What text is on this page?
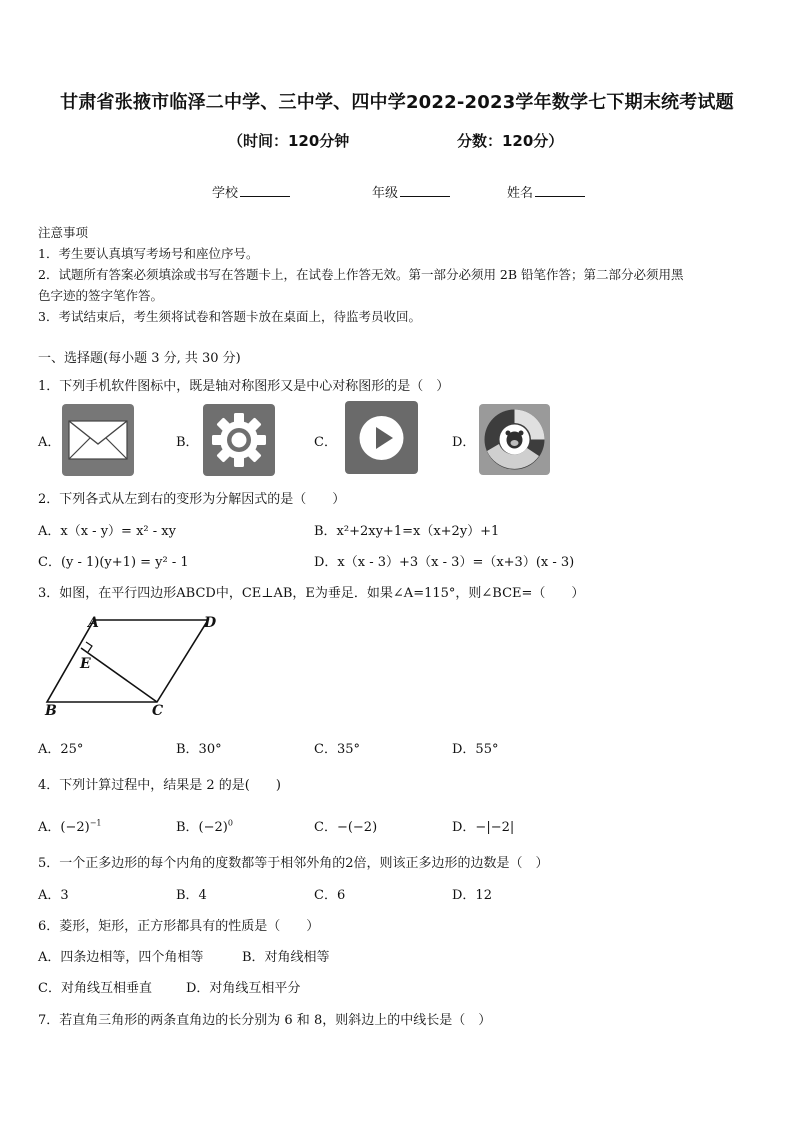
甘肃省张掖市临泽二中学、三中学、四中学2022-2023学年数学七下期末统考试题
（时间：120分钟	分数：120分）
学校	年级	姓名
注意事项
1．考生要认真填写考场号和座位序号。
2．试题所有答案必须填涂或书写在答题卡上，在试卷上作答无效。第一部分必须用 2B 铅笔作答；第二部分必须用黑
色字迹的签字笔作答。
3．考试结束后，考生须将试卷和答题卡放在桌面上，待监考员收回。
一、选择题(每小题 3 分, 共 30 分)
1．下列手机软件图标中，既是轴对称图形又是中心对称图形的是（　）
A．	B．	C．	D．
2．下列各式从左到右的变形为分解因式的是（　　）
A．x（x - y）= x² - xy	B．x²+2xy+1=x（x+2y）+1
C．(y - 1)(y+1) = y² - 1	D．x（x - 3）+3（x - 3）=（x+3）(x - 3)
3．如图，在平行四边形ABCD中，CE⊥AB，E为垂足．如果∠A=115°，则∠BCE=（　　）
A	D
E
B	C
A．25°	B．30°	C．35°	D．55°
4．下列计算过程中，结果是 2 的是(　　)
A．$(-2)^{-1}$	B．$(-2)^0$	C．−(−2)	D．−|−2|
5．一个正多边形的每个内角的度数都等于相邻外角的2倍，则该正多边形的边数是（　）
A．3	B．4	C．6	D．12
6．菱形，矩形，正方形都具有的性质是（　　）
A．四条边相等，四个角相等	B．对角线相等
C．对角线互相垂直	D．对角线互相平分
7．若直角三角形的两条直角边的长分别为 6 和 8，则斜边上的中线长是（　）
